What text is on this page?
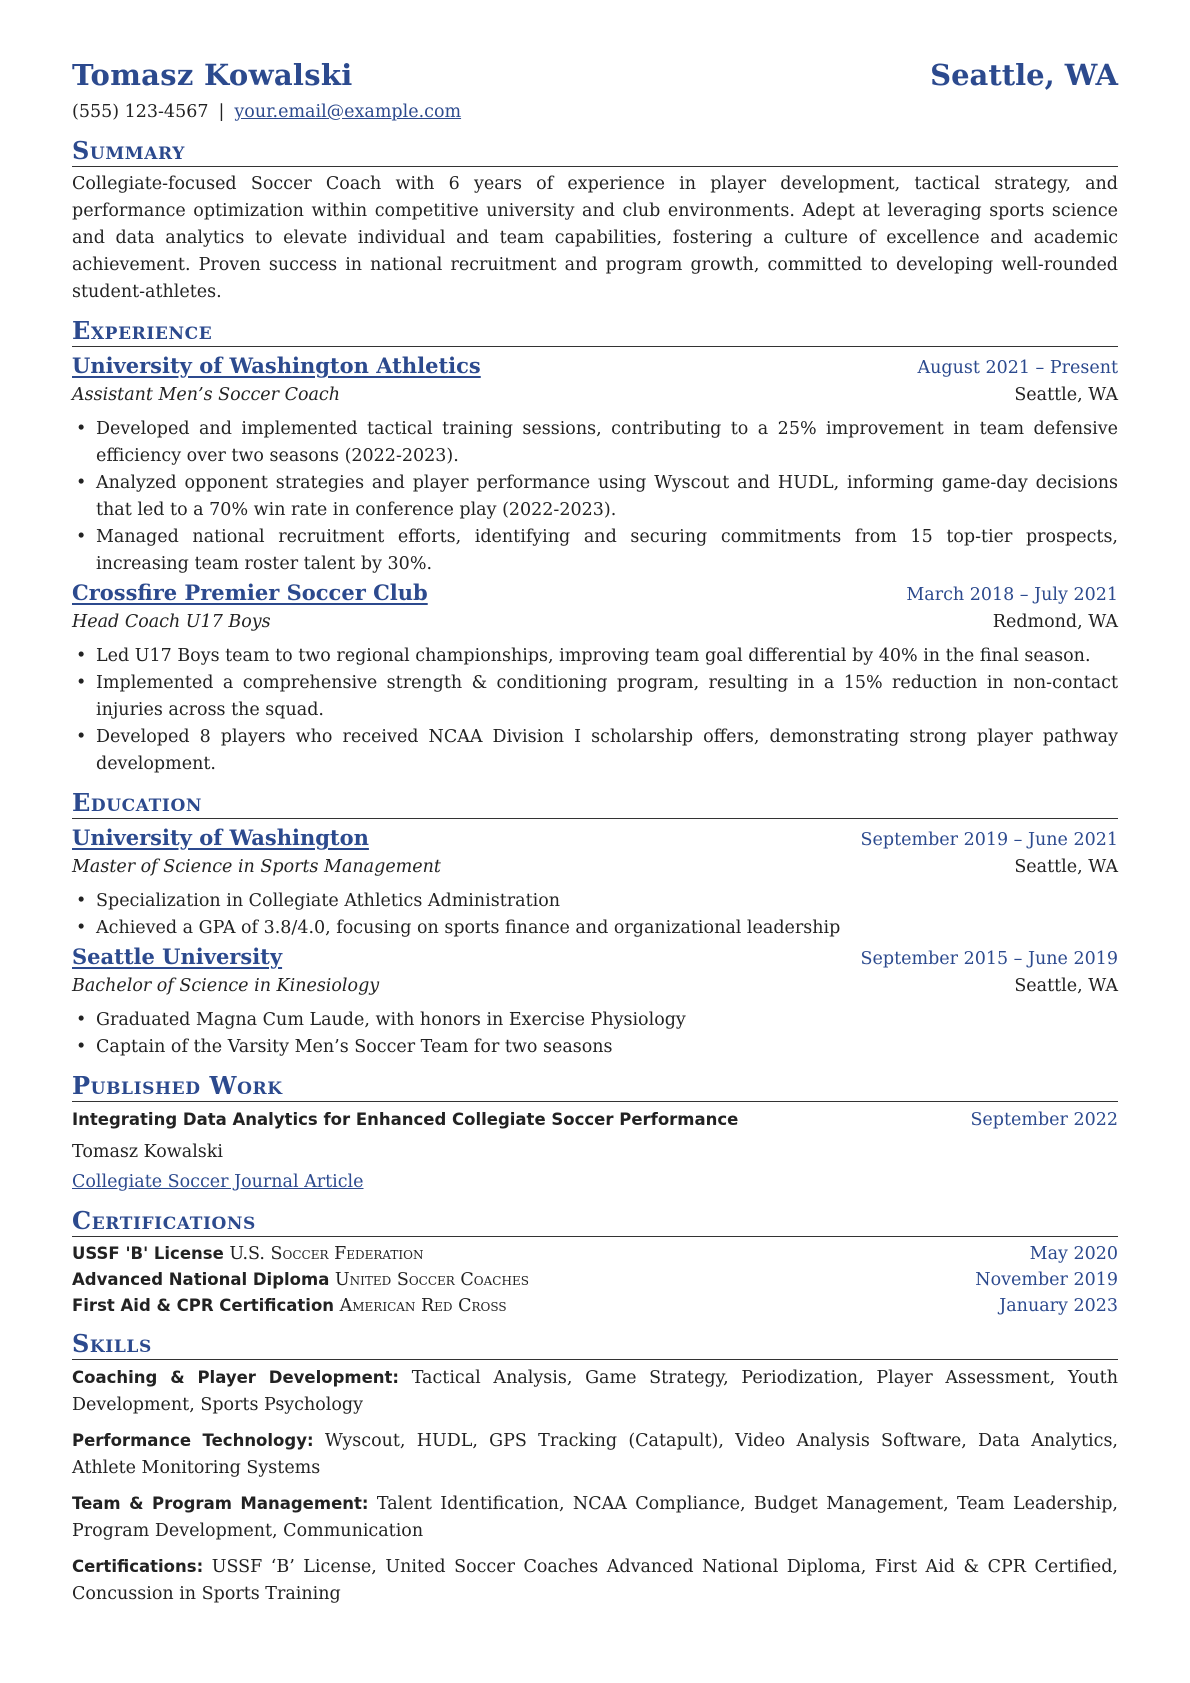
Tomasz Kowalski	Seattle, WA
(555) 123-4567 | your.email@example.com
Summary

Collegiate-focused Soccer Coach with 6 years of experience in player development, tactical strategy, and performance optimization within competitive university and club environments. Adept at leveraging sports science and data analytics to elevate individual and team capabilities, fostering a culture of excellence and academic achievement. Proven success in national recruitment and program growth, committed to developing well-rounded student-athletes.

Experience
University of Washington Athletics	August 2021 – Present
Assistant Men’s Soccer Coach	Seattle, WA
• Developed and implemented tactical training sessions, contributing to a 25% improvement in team defensive efficiency over two seasons (2022-2023).
• Analyzed opponent strategies and player performance using Wyscout and HUDL, informing game-day decisions that led to a 70% win rate in conference play (2022-2023).
• Managed national recruitment efforts, identifying and securing commitments from 15 top-tier prospects, increasing team roster talent by 30%.
Crossfire Premier Soccer Club	March 2018 – July 2021
Head Coach U17 Boys	Redmond, WA
• Led U17 Boys team to two regional championships, improving team goal differential by 40% in the final season.
• Implemented a comprehensive strength & conditioning program, resulting in a 15% reduction in non-contact injuries across the squad.
• Developed 8 players who received NCAA Division I scholarship offers, demonstrating strong player pathway development.
Education
University of Washington	September 2019 – June 2021
Master of Science in Sports Management	Seattle, WA
• Specialization in Collegiate Athletics Administration
• Achieved a GPA of 3.8/4.0, focusing on sports finance and organizational leadership
Seattle University	September 2015 – June 2019
Bachelor of Science in Kinesiology	Seattle, WA
• Graduated Magna Cum Laude, with honors in Exercise Physiology
• Captain of the Varsity Men’s Soccer Team for two seasons
Published Work
Integrating Data Analytics for Enhanced Collegiate Soccer Performance	September 2022
Tomasz Kowalski
Collegiate Soccer Journal Article
Certifications
USSF 'B' License U.S. Soccer Federation	May 2020
Advanced National Diploma United Soccer Coaches	November 2019
First Aid & CPR Certification American Red Cross	January 2023
Skills

Coaching & Player Development: Tactical Analysis, Game Strategy, Periodization, Player Assessment, Youth Development, Sports Psychology

Performance Technology: Wyscout, HUDL, GPS Tracking (Catapult), Video Analysis Software, Data Analytics, Athlete Monitoring Systems

Team & Program Management: Talent Identification, NCAA Compliance, Budget Management, Team Leadership, Program Development, Communication

Certifications: USSF ‘B’ License, United Soccer Coaches Advanced National Diploma, First Aid & CPR Certified, Concussion in Sports Training
